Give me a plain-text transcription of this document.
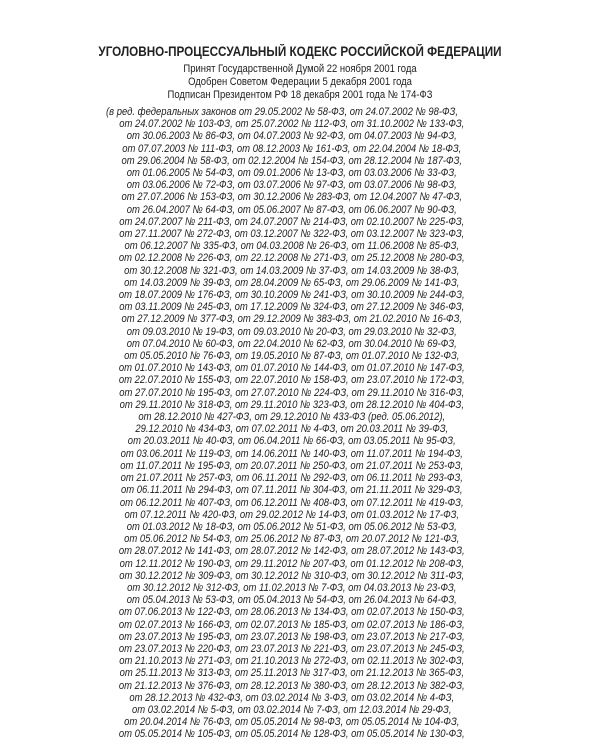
УГОЛОВНО-ПРОЦЕССУАЛЬНЫЙ КОДЕКС РОССИЙСКОЙ ФЕДЕРАЦИИ
Принят Государственной Думой 22 ноября 2001 года
Одобрен Советом Федерации 5 декабря 2001 года
Подписан Президентом РФ 18 декабря 2001 года № 174-ФЗ
(в ред. федеральных законов от 29.05.2002 № 58-ФЗ, от 24.07.2002 № 98-ФЗ,
от 24.07.2002 № 103-ФЗ, от 25.07.2002 № 112-ФЗ, от 31.10.2002 № 133-ФЗ,
от 30.06.2003 № 86-ФЗ, от 04.07.2003 № 92-ФЗ, от 04.07.2003 № 94-ФЗ,
от 07.07.2003 № 111-ФЗ, от 08.12.2003 № 161-ФЗ, от 22.04.2004 № 18-ФЗ,
от 29.06.2004 № 58-ФЗ, от 02.12.2004 № 154-ФЗ, от 28.12.2004 № 187-ФЗ,
от 01.06.2005 № 54-ФЗ, от 09.01.2006 № 13-ФЗ, от 03.03.2006 № 33-ФЗ,
от 03.06.2006 № 72-ФЗ, от 03.07.2006 № 97-ФЗ, от 03.07.2006 № 98-ФЗ,
от 27.07.2006 № 153-ФЗ, от 30.12.2006 № 283-ФЗ, от 12.04.2007 № 47-ФЗ,
от 26.04.2007 № 64-ФЗ, от 05.06.2007 № 87-ФЗ, от 06.06.2007 № 90-ФЗ,
от 24.07.2007 № 211-ФЗ, от 24.07.2007 № 214-ФЗ, от 02.10.2007 № 225-ФЗ,
от 27.11.2007 № 272-ФЗ, от 03.12.2007 № 322-ФЗ, от 03.12.2007 № 323-ФЗ,
от 06.12.2007 № 335-ФЗ, от 04.03.2008 № 26-ФЗ, от 11.06.2008 № 85-ФЗ,
от 02.12.2008 № 226-ФЗ, от 22.12.2008 № 271-ФЗ, от 25.12.2008 № 280-ФЗ,
от 30.12.2008 № 321-ФЗ, от 14.03.2009 № 37-ФЗ, от 14.03.2009 № 38-ФЗ,
от 14.03.2009 № 39-ФЗ, от 28.04.2009 № 65-ФЗ, от 29.06.2009 № 141-ФЗ,
от 18.07.2009 № 176-ФЗ, от 30.10.2009 № 241-ФЗ, от 30.10.2009 № 244-ФЗ,
от 03.11.2009 № 245-ФЗ, от 17.12.2009 № 324-ФЗ, от 27.12.2009 № 346-ФЗ,
от 27.12.2009 № 377-ФЗ, от 29.12.2009 № 383-ФЗ, от 21.02.2010 № 16-ФЗ,
от 09.03.2010 № 19-ФЗ, от 09.03.2010 № 20-ФЗ, от 29.03.2010 № 32-ФЗ,
от 07.04.2010 № 60-ФЗ, от 22.04.2010 № 62-ФЗ, от 30.04.2010 № 69-ФЗ,
от 05.05.2010 № 76-ФЗ, от 19.05.2010 № 87-ФЗ, от 01.07.2010 № 132-ФЗ,
от 01.07.2010 № 143-ФЗ, от 01.07.2010 № 144-ФЗ, от 01.07.2010 № 147-ФЗ,
от 22.07.2010 № 155-ФЗ, от 22.07.2010 № 158-ФЗ, от 23.07.2010 № 172-ФЗ,
от 27.07.2010 № 195-ФЗ, от 27.07.2010 № 224-ФЗ, от 29.11.2010 № 316-ФЗ,
от 29.11.2010 № 318-ФЗ, от 29.11.2010 № 323-ФЗ, от 28.12.2010 № 404-ФЗ,
от 28.12.2010 № 427-ФЗ, от 29.12.2010 № 433-ФЗ (ред. 05.06.2012),
29.12.2010 № 434-ФЗ, от 07.02.2011 № 4-ФЗ, от 20.03.2011 № 39-ФЗ,
от 20.03.2011 № 40-ФЗ, от 06.04.2011 № 66-ФЗ, от 03.05.2011 № 95-ФЗ,
от 03.06.2011 № 119-ФЗ, от 14.06.2011 № 140-ФЗ, от 11.07.2011 № 194-ФЗ,
от 11.07.2011 № 195-ФЗ, от 20.07.2011 № 250-ФЗ, от 21.07.2011 № 253-ФЗ,
от 21.07.2011 № 257-ФЗ, от 06.11.2011 № 292-ФЗ, от 06.11.2011 № 293-ФЗ,
от 06.11.2011 № 294-ФЗ, от 07.11.2011 № 304-ФЗ, от 21.11.2011 № 329-ФЗ,
от 06.12.2011 № 407-ФЗ, от 06.12.2011 № 408-ФЗ, от 07.12.2011 № 419-ФЗ,
от 07.12.2011 № 420-ФЗ, от 29.02.2012 № 14-ФЗ, от 01.03.2012 № 17-ФЗ,
от 01.03.2012 № 18-ФЗ, от 05.06.2012 № 51-ФЗ, от 05.06.2012 № 53-ФЗ,
от 05.06.2012 № 54-ФЗ, от 25.06.2012 № 87-ФЗ, от 20.07.2012 № 121-ФЗ,
от 28.07.2012 № 141-ФЗ, от 28.07.2012 № 142-ФЗ, от 28.07.2012 № 143-ФЗ,
от 12.11.2012 № 190-ФЗ, от 29.11.2012 № 207-ФЗ, от 01.12.2012 № 208-ФЗ,
от 30.12.2012 № 309-ФЗ, от 30.12.2012 № 310-ФЗ, от 30.12.2012 № 311-ФЗ,
от 30.12.2012 № 312-ФЗ, от 11.02.2013 № 7-ФЗ, от 04.03.2013 № 23-ФЗ,
от 05.04.2013 № 53-ФЗ, от 05.04.2013 № 54-ФЗ, от 26.04.2013 № 64-ФЗ,
от 07.06.2013 № 122-ФЗ, от 28.06.2013 № 134-ФЗ, от 02.07.2013 № 150-ФЗ,
от 02.07.2013 № 166-ФЗ, от 02.07.2013 № 185-ФЗ, от 02.07.2013 № 186-ФЗ,
от 23.07.2013 № 195-ФЗ, от 23.07.2013 № 198-ФЗ, от 23.07.2013 № 217-ФЗ,
от 23.07.2013 № 220-ФЗ, от 23.07.2013 № 221-ФЗ, от 23.07.2013 № 245-ФЗ,
от 21.10.2013 № 271-ФЗ, от 21.10.2013 № 272-ФЗ, от 02.11.2013 № 302-ФЗ,
от 25.11.2013 № 313-ФЗ, от 25.11.2013 № 317-ФЗ, от 21.12.2013 № 365-ФЗ,
от 21.12.2013 № 376-ФЗ, от 28.12.2013 № 380-ФЗ, от 28.12.2013 № 382-ФЗ,
от 28.12.2013 № 432-ФЗ, от 03.02.2014 № 3-ФЗ, от 03.02.2014 № 4-ФЗ,
от 03.02.2014 № 5-ФЗ, от 03.02.2014 № 7-ФЗ, от 12.03.2014 № 29-ФЗ,
от 20.04.2014 № 76-ФЗ, от 05.05.2014 № 98-ФЗ, от 05.05.2014 № 104-ФЗ,
от 05.05.2014 № 105-ФЗ, от 05.05.2014 № 128-ФЗ, от 05.05.2014 № 130-ФЗ,
